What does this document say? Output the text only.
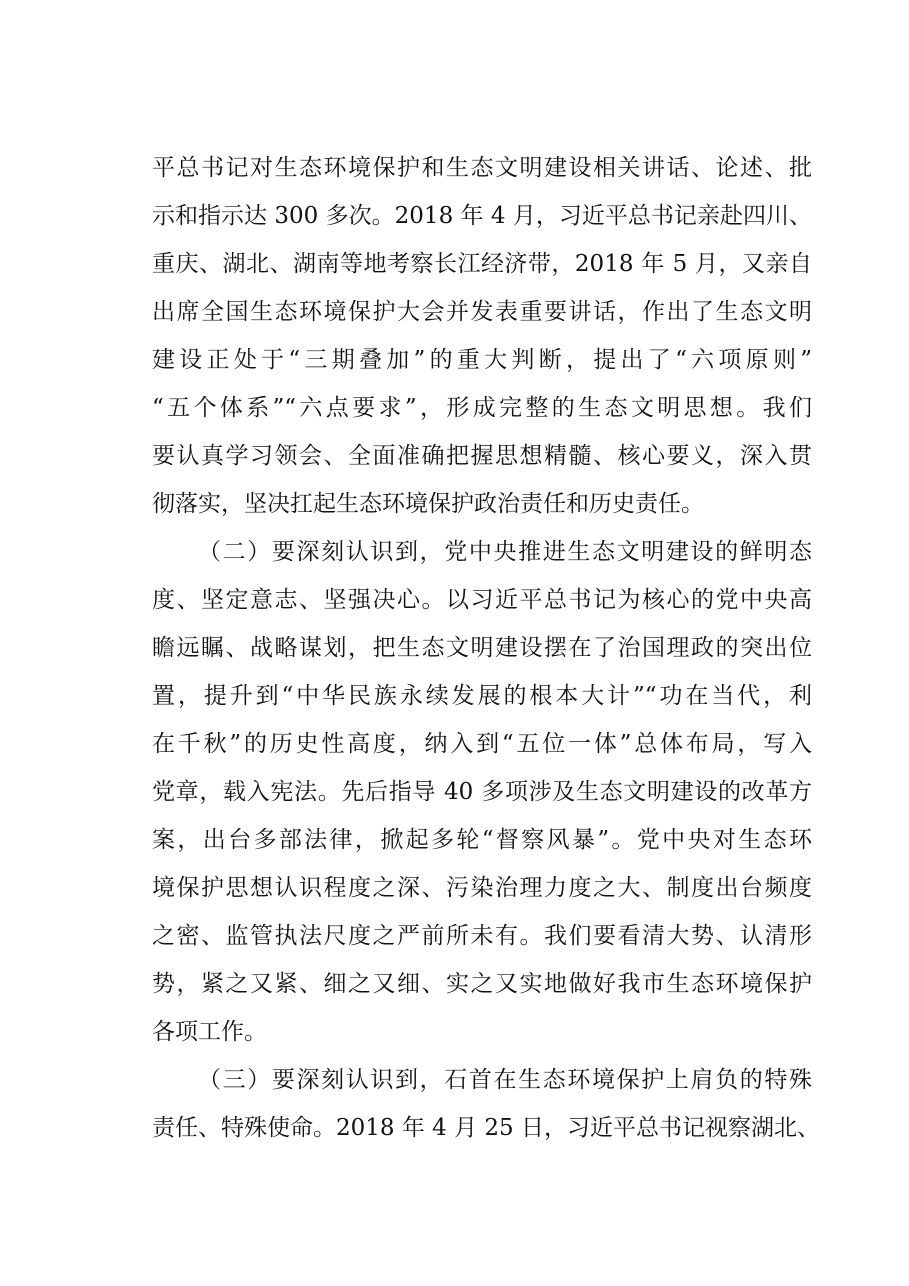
平总书记对生态环境保护和生态文明建设相关讲话、论述、批
示和指示达 300 多次。2018 年 4 月，习近平总书记亲赴四川、
重庆、湖北、湖南等地考察长江经济带，2018 年 5 月，又亲自
出席全国生态环境保护大会并发表重要讲话，作出了生态文明
建设正处于“三期叠加”的重大判断，提出了“六项原则”
“五个体系”“六点要求”，形成完整的生态文明思想。我们
要认真学习领会、全面准确把握思想精髓、核心要义，深入贯
彻落实，坚决扛起生态环境保护政治责任和历史责任。
（二）要深刻认识到，党中央推进生态文明建设的鲜明态
度、坚定意志、坚强决心。以习近平总书记为核心的党中央高
瞻远瞩、战略谋划，把生态文明建设摆在了治国理政的突出位
置，提升到“中华民族永续发展的根本大计”“功在当代，利
在千秋”的历史性高度，纳入到“五位一体”总体布局，写入
党章，载入宪法。先后指导 40 多项涉及生态文明建设的改革方
案，出台多部法律，掀起多轮“督察风暴”。党中央对生态环
境保护思想认识程度之深、污染治理力度之大、制度出台频度
之密、监管执法尺度之严前所未有。我们要看清大势、认清形
势，紧之又紧、细之又细、实之又实地做好我市生态环境保护
各项工作。
（三）要深刻认识到，石首在生态环境保护上肩负的特殊
责任、特殊使命。2018 年 4 月 25 日，习近平总书记视察湖北、
